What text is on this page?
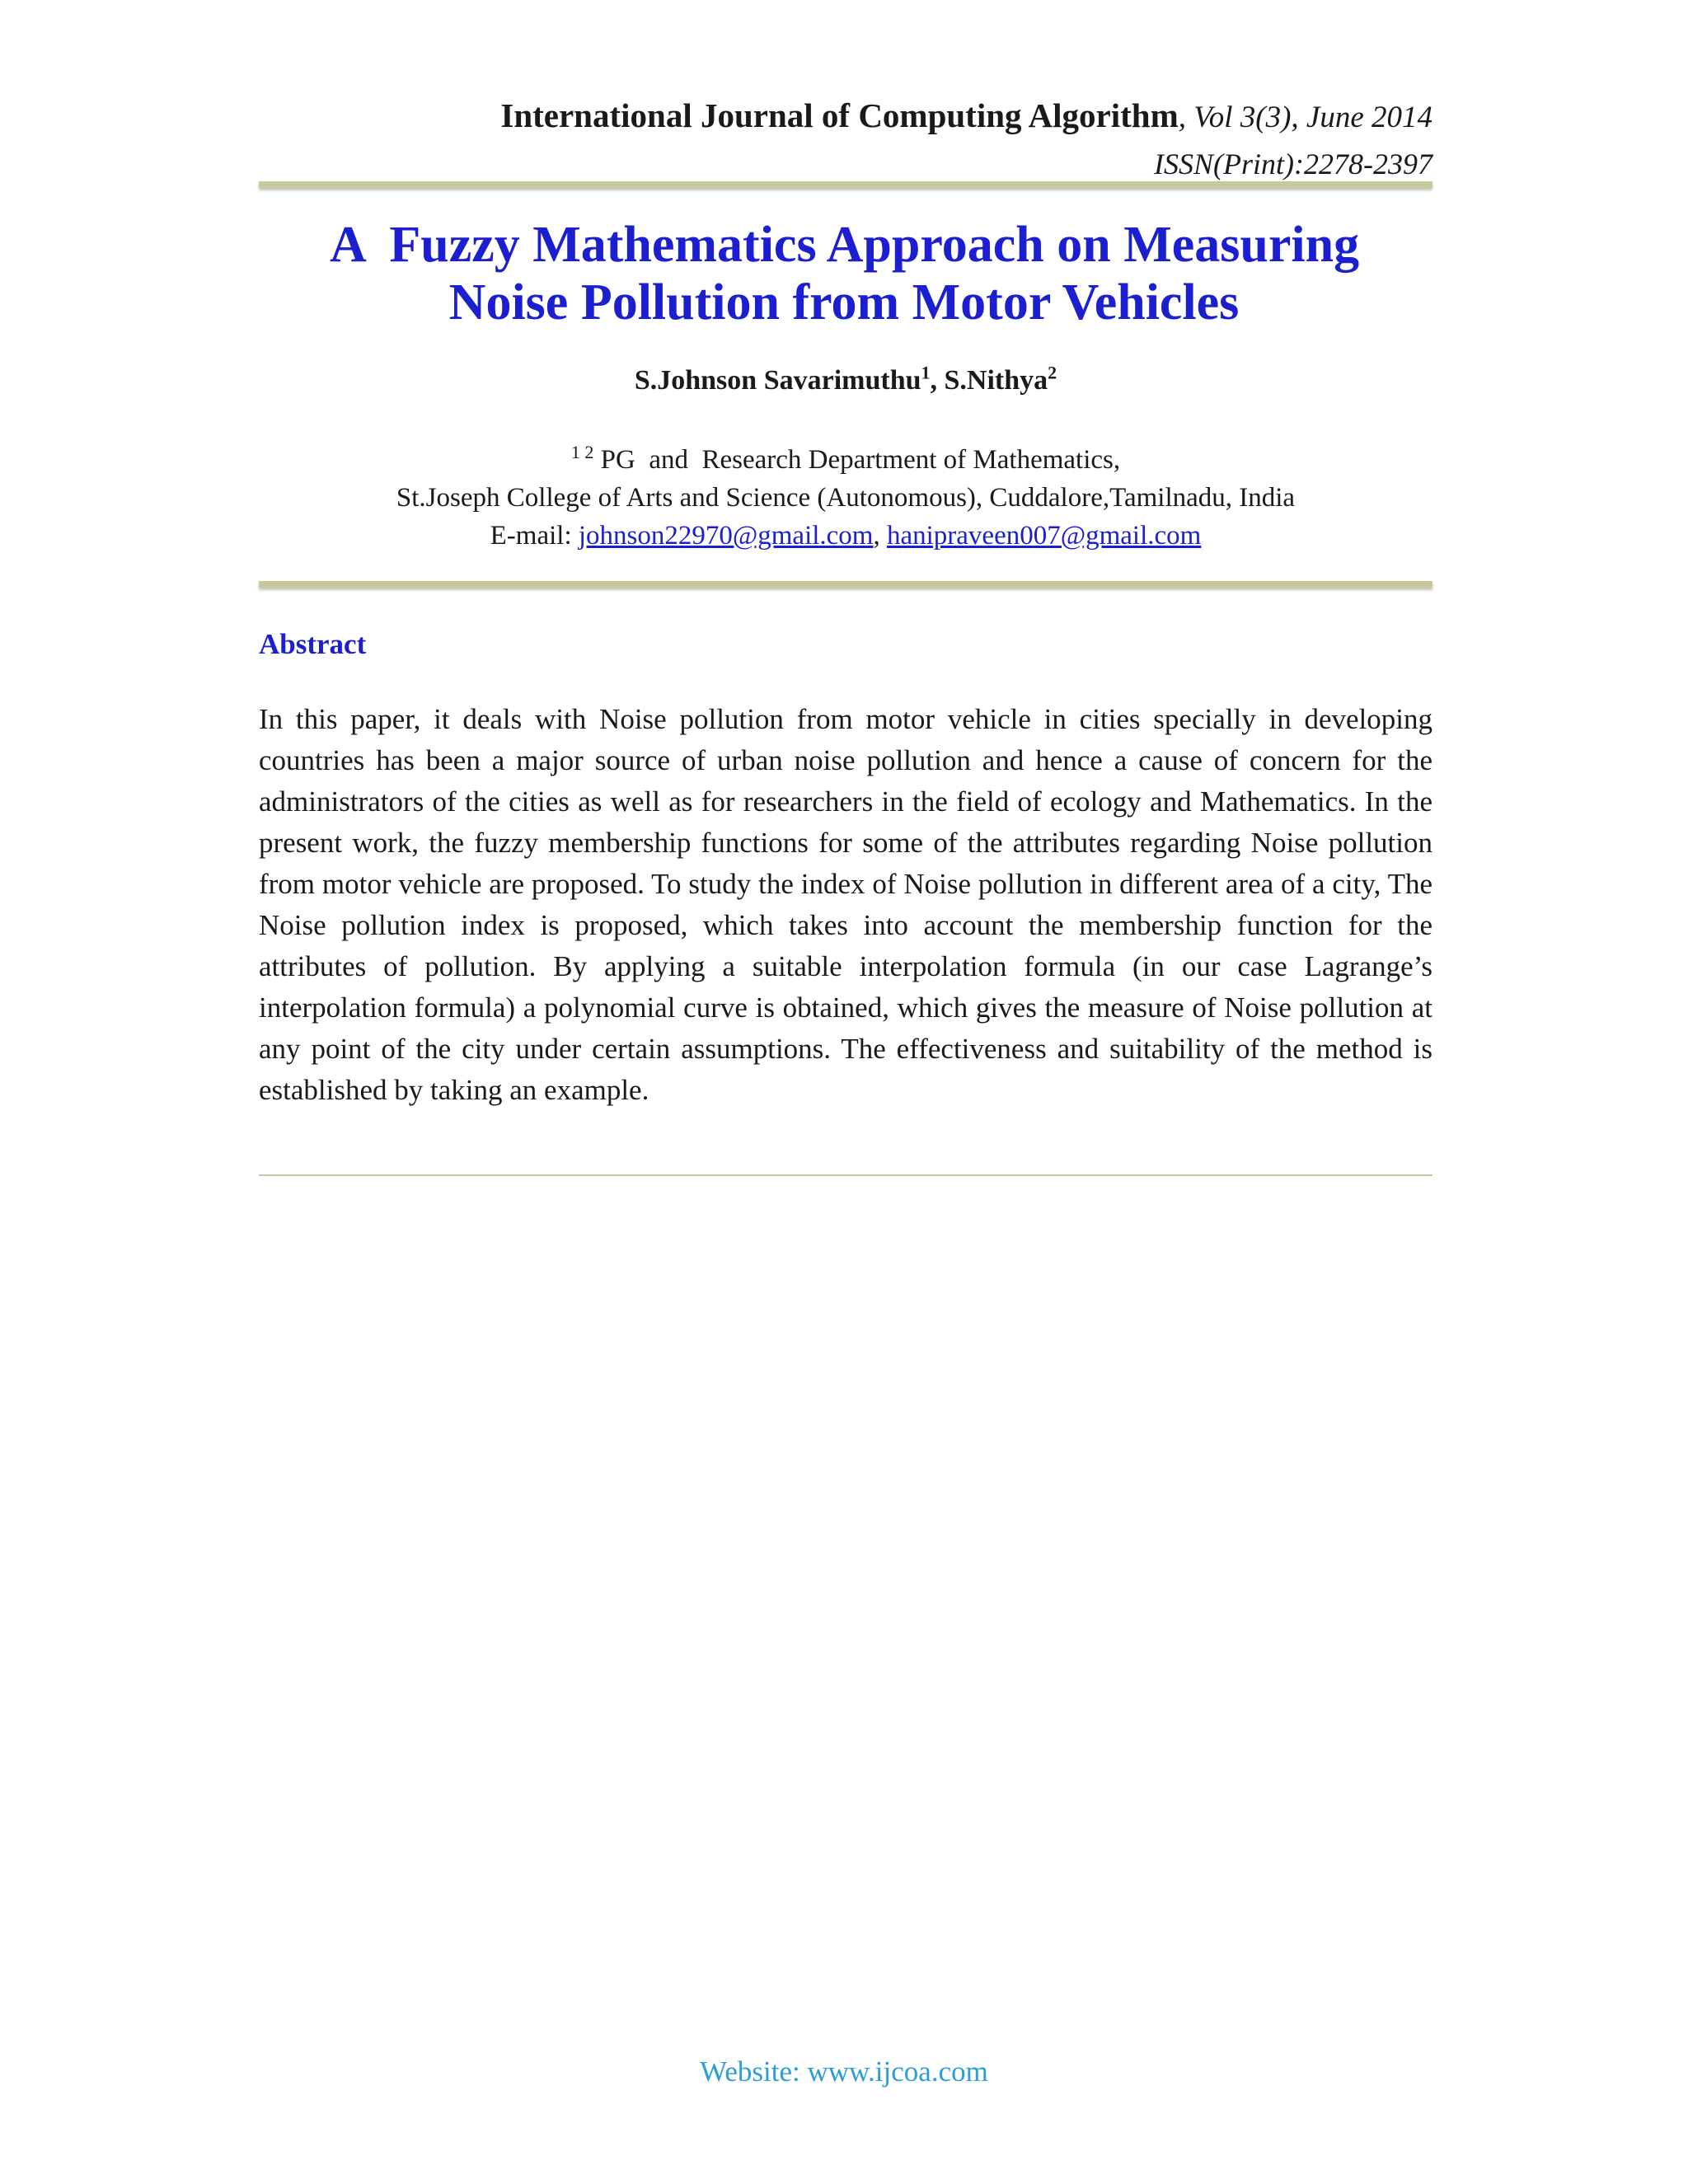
International Journal of Computing Algorithm, Vol 3(3), June 2014
ISSN(Print):2278-2397
A  Fuzzy Mathematics Approach on Measuring
Noise Pollution from Motor Vehicles
S.Johnson Savarimuthu$^1$, S.Nithya$^2$
$^{1 2}$ PG  and  Research Department of Mathematics,
St.Joseph College of Arts and Science (Autonomous), Cuddalore,Tamilnadu, India
E-mail: johnson22970@gmail.com, hanipraveen007@gmail.com
Abstract

In this paper, it deals with Noise pollution from motor vehicle in cities specially in developing countries has been a major source of urban noise pollution and hence a cause of concern for the administrators of the cities as well as for researchers in the field of ecology and Mathematics. In the present work, the fuzzy membership functions for some of the attributes regarding Noise pollution from motor vehicle are proposed. To study the index of Noise pollution in different area of a city, The Noise pollution index is proposed, which takes into account the membership function for the attributes of pollution. By applying a suitable interpolation formula (in our case Lagrange’s interpolation formula) a polynomial curve is obtained, which gives the measure of Noise pollution at any point of the city under certain assumptions. The effectiveness and suitability of the method is established by taking an example.

Website: www.ijcoa.com
